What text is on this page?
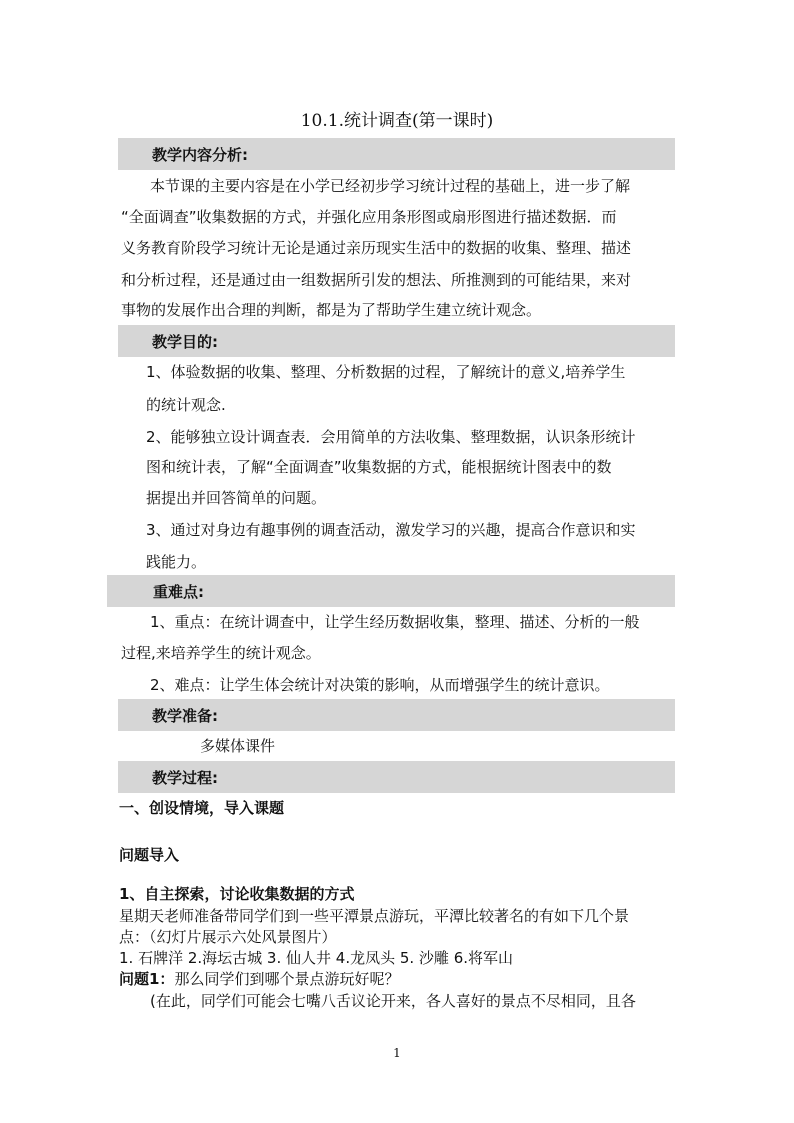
10.1.统计调查(第一课时)
教学内容分析:
本节课的主要内容是在小学已经初步学习统计过程的基础上，进一步了解
“全面调查”收集数据的方式，并强化应用条形图或扇形图进行描述数据．而
义务教育阶段学习统计无论是通过亲历现实生活中的数据的收集、整理、描述
和分析过程，还是通过由一组数据所引发的想法、所推测到的可能结果，来对
事物的发展作出合理的判断，都是为了帮助学生建立统计观念。
教学目的:
1、体验数据的收集、整理、分析数据的过程，了解统计的意义,培养学生
的统计观念.
2、能够独立设计调查表．会用简单的方法收集、整理数据，认识条形统计
图和统计表，了解“全面调查”收集数据的方式，能根据统计图表中的数
据提出并回答简单的问题。
3、通过对身边有趣事例的调查活动，激发学习的兴趣，提高合作意识和实
践能力。
重难点:
1、重点：在统计调查中，让学生经历数据收集，整理、描述、分析的一般
过程,来培养学生的统计观念。
2、难点：让学生体会统计对决策的影响，从而增强学生的统计意识。
教学准备:
多媒体课件
教学过程:
一、创设情境，导入课题
问题导入
1、自主探索，讨论收集数据的方式
星期天老师准备带同学们到一些平潭景点游玩，平潭比较著名的有如下几个景
点：（幻灯片展示六处风景图片）
1. 石牌洋 2.海坛古城 3. 仙人井 4.龙凤头 5. 沙雕 6.将军山
问题1：那么同学们到哪个景点游玩好呢？
(在此，同学们可能会七嘴八舌议论开来，各人喜好的景点不尽相同，且各
1
